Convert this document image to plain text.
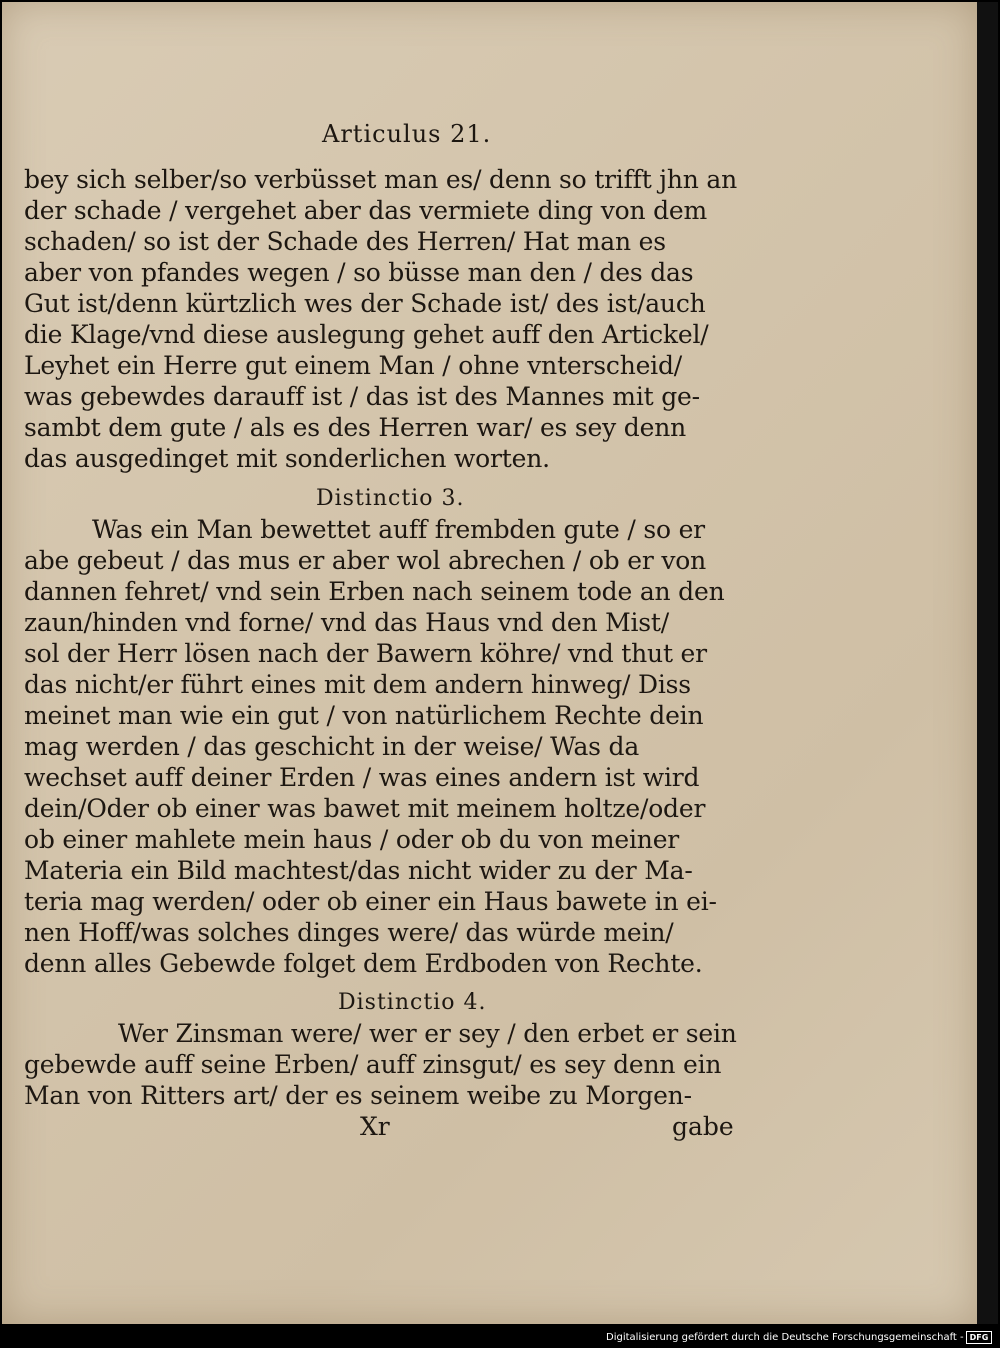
Articulus 21.
bey sich selber/so verbüsset man es/ denn so trifft jhn an
der schade / vergehet aber das vermiete ding von dem
schaden/ so ist der Schade des Herren/ Hat man es
aber von pfandes wegen / so büsse man den / des das
Gut ist/denn kürtzlich wes der Schade ist/ des ist/auch
die Klage/vnd diese auslegung gehet auff den Artickel/
Leyhet ein Herre gut einem Man / ohne vnterscheid/
was gebewdes darauff ist / das ist des Mannes mit ge-
sambt dem gute / als es des Herren war/ es sey denn
das ausgedinget mit sonderlichen worten.
Distinctio 3.
Was ein Man bewettet auff frembden gute / so er
abe gebeut / das mus er aber wol abrechen / ob er von
dannen fehret/ vnd sein Erben nach seinem tode an den
zaun/hinden vnd forne/ vnd das Haus vnd den Mist/
sol der Herr lösen nach der Bawern köhre/ vnd thut er
das nicht/er führt eines mit dem andern hinweg/ Diss
meinet man wie ein gut / von natürlichem Rechte dein
mag werden / das geschicht in der weise/ Was da
wechset auff deiner Erden / was eines andern ist wird
dein/Oder ob einer was bawet mit meinem holtze/oder
ob einer mahlete mein haus / oder ob du von meiner
Materia ein Bild machtest/das nicht wider zu der Ma-
teria mag werden/ oder ob einer ein Haus bawete in ei-
nen Hoff/was solches dinges were/ das würde mein/
denn alles Gebewde folget dem Erdboden von Rechte.
Distinctio 4.
Wer Zinsman were/ wer er sey / den erbet er sein
gebewde auff seine Erben/ auff zinsgut/ es sey denn ein
Man von Ritters art/ der es seinem weibe zu Morgen-
Xr	gabe
Digitalisierung gefördert durch die Deutsche Forschungsgemeinschaft - DFG
